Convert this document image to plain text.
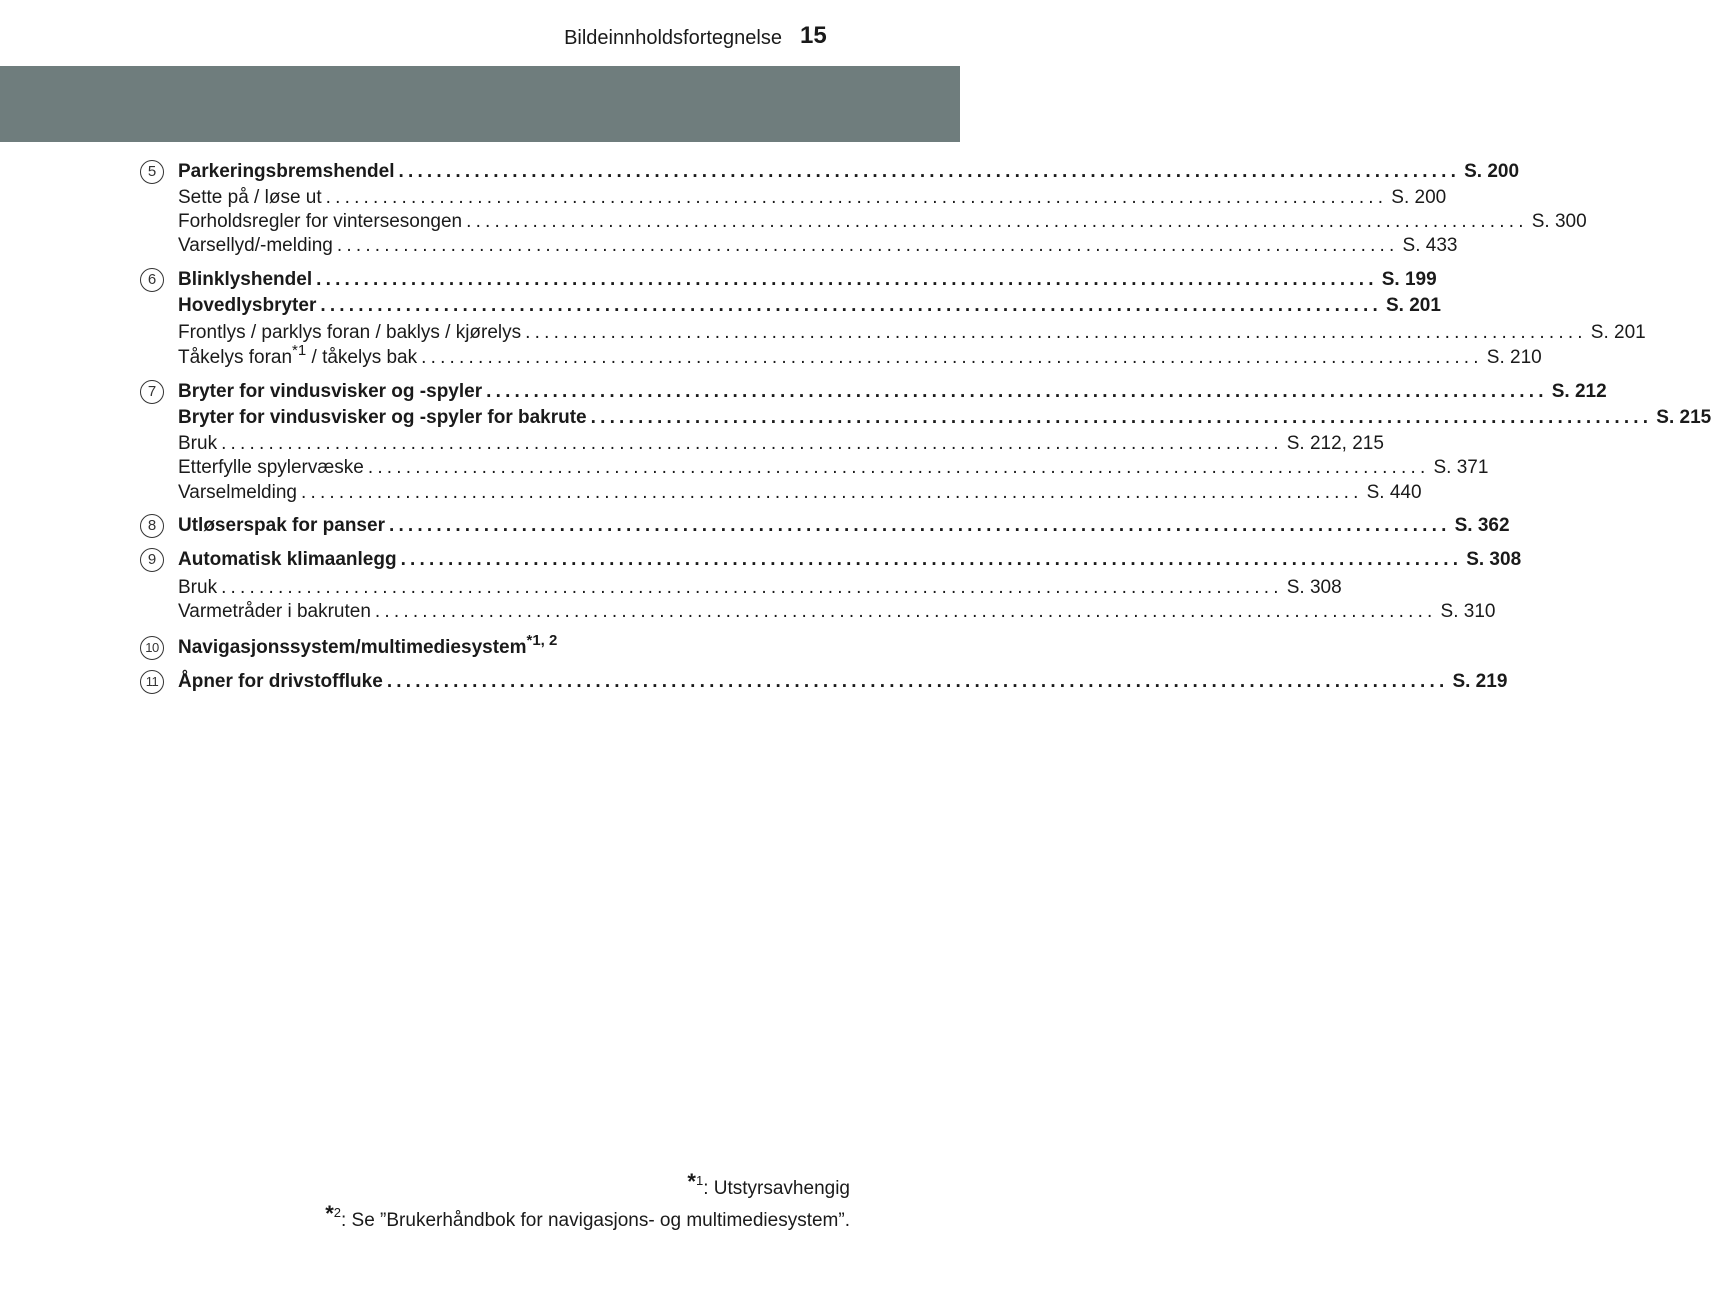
Bildeinnholdsfortegnelse 15
5	Parkeringsbremshendel ................................................................................................................ S. 200
Sette på / løse ut ................................................................................................................ S. 200
Forholdsregler for vintersesongen ................................................................................................................ S. 300
Varsellyd/-melding ................................................................................................................ S. 433
6	Blinklyshendel ................................................................................................................ S. 199
Hovedlysbryter ................................................................................................................ S. 201
Frontlys / parklys foran / baklys / kjørelys ................................................................................................................ S. 201
Tåkelys foran$^{*1}$ / tåkelys bak ................................................................................................................ S. 210
7	Bryter for vindusvisker og -spyler ................................................................................................................ S. 212
Bryter for vindusvisker og -spyler for bakrute ................................................................................................................ S. 215
Bruk ................................................................................................................ S. 212, 215
Etterfylle spylervæske ................................................................................................................ S. 371
Varselmelding ................................................................................................................ S. 440
8	Utløserspak for panser ................................................................................................................ S. 362
9	Automatisk klimaanlegg ................................................................................................................ S. 308
Bruk ................................................................................................................ S. 308
Varmetråder i bakruten ................................................................................................................ S. 310
10 Navigasjonssystem/multimediesystem$^{*1, 2}$
11	Åpner for drivstoffluke ................................................................................................................ S. 219
*$^1$: Utstyrsavhengig
*$^2$: Se ”Brukerhåndbok for navigasjons- og multimediesystem”.
